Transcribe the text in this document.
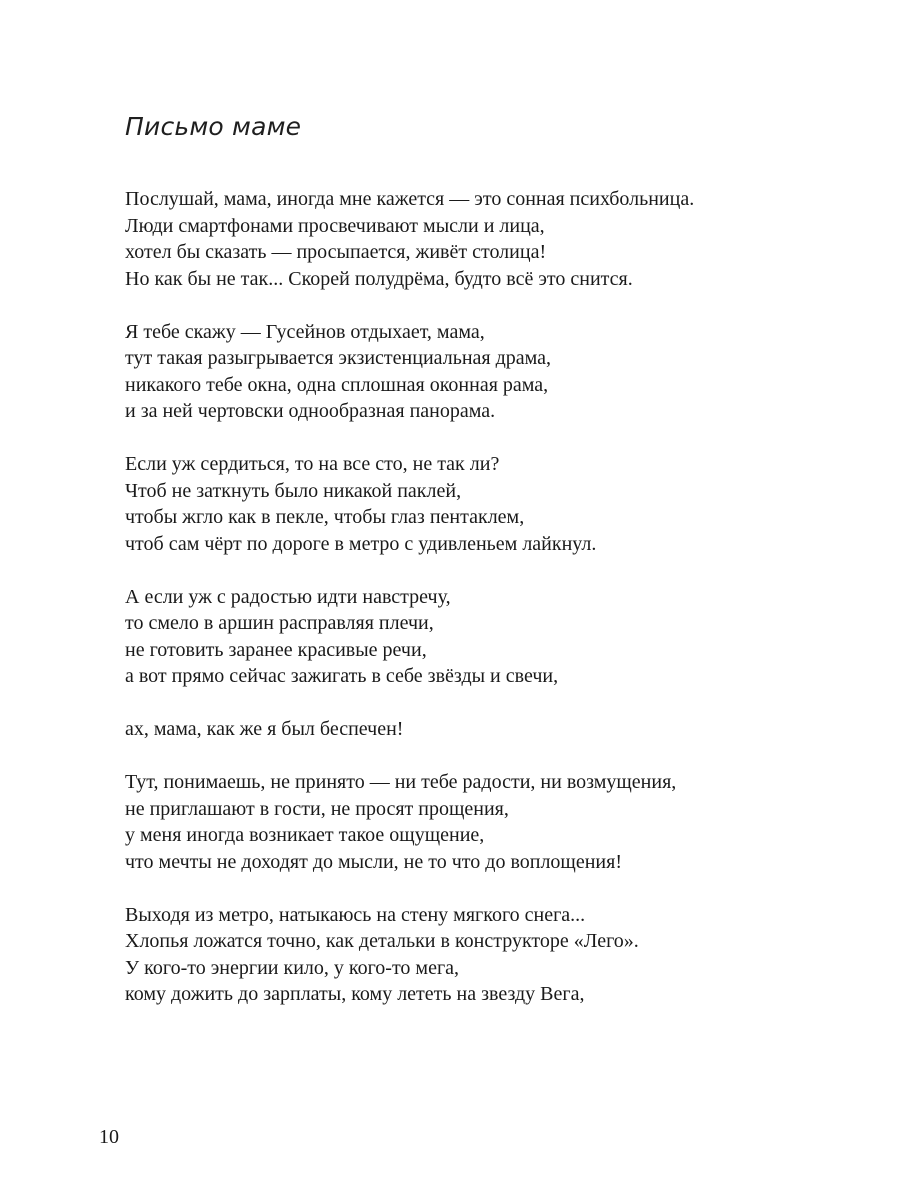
Письмо маме
Послушай, мама, иногда мне кажется — это сонная психбольница.
Люди смартфонами просвечивают мысли и лица,
хотел бы сказать — просыпается, живёт столица!
Но как бы не так... Скорей полудрёма, будто всё это снится.
Я тебе скажу — Гусейнов отдыхает, мама,
тут такая разыгрывается экзистенциальная драма,
никакого тебе окна, одна сплошная оконная рама,
и за ней чертовски однообразная панорама.
Если уж сердиться, то на все сто, не так ли?
Чтоб не заткнуть было никакой паклей,
чтобы жгло как в пекле, чтобы глаз пентаклем,
чтоб сам чёрт по дороге в метро с удивленьем лайкнул.
А если уж с радостью идти навстречу,
то смело в аршин расправляя плечи,
не готовить заранее красивые речи,
а вот прямо сейчас зажигать в себе звёзды и свечи,
ах, мама, как же я был беспечен!
Тут, понимаешь, не принято — ни тебе радости, ни возмущения,
не приглашают в гости, не просят прощения,
у меня иногда возникает такое ощущение,
что мечты не доходят до мысли, не то что до воплощения!
Выходя из метро, натыкаюсь на стену мягкого снега...
Хлопья ложатся точно, как детальки в конструкторе «Лего».
У кого-то энергии кило, у кого-то мега,
кому дожить до зарплаты, кому лететь на звезду Вега,
10
